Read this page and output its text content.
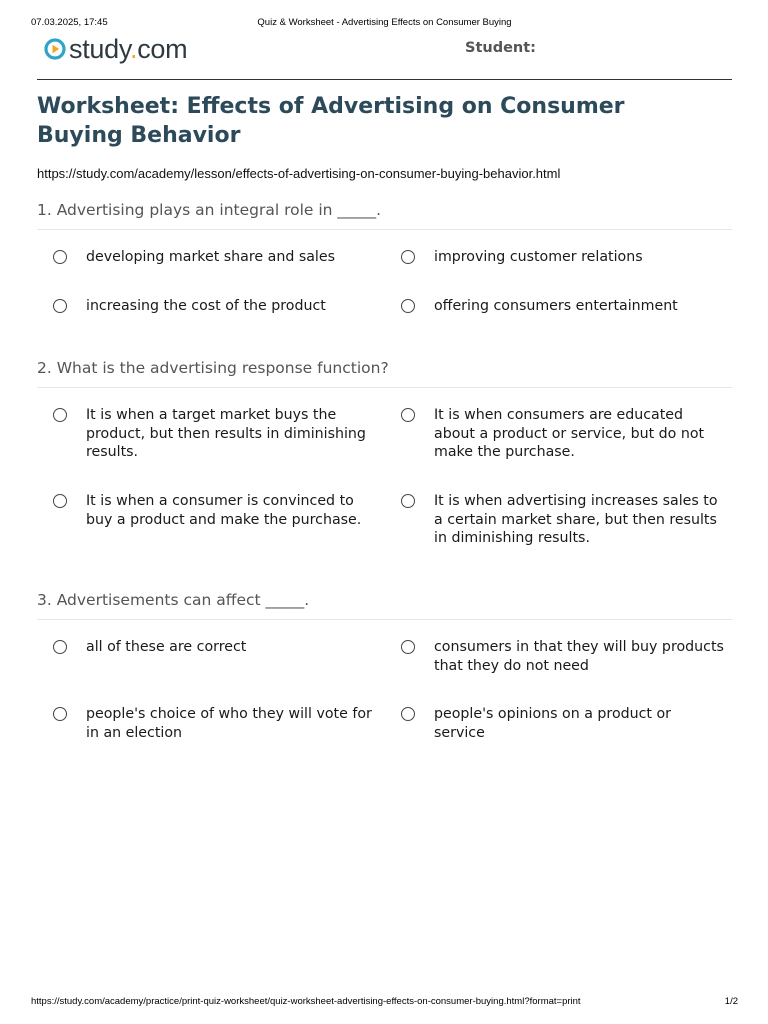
07.03.2025, 17:45	Quiz & Worksheet - Advertising Effects on Consumer Buying
study.com	Student:
Worksheet: Effects of Advertising on Consumer Buying Behavior
https://study.com/academy/lesson/effects-of-advertising-on-consumer-buying-behavior.html
1. Advertising plays an integral role in _____.
developing market share and sales	improving customer relations
increasing the cost of the product	offering consumers entertainment
2. What is the advertising response function?
It is when a target market buys the product, but then results in diminishing results.
It is when consumers are educated about a product or service, but do not make the purchase.
It is when a consumer is convinced to buy a product and make the purchase.
It is when advertising increases sales to a certain market share, but then results in diminishing results.
3. Advertisements can affect _____.
all of these are correct	consumers in that they will buy products that they do not need
people's choice of who they will vote for in an election
people's opinions on a product or service
https://study.com/academy/practice/print-quiz-worksheet/quiz-worksheet-advertising-effects-on-consumer-buying.html?format=print	1/2
